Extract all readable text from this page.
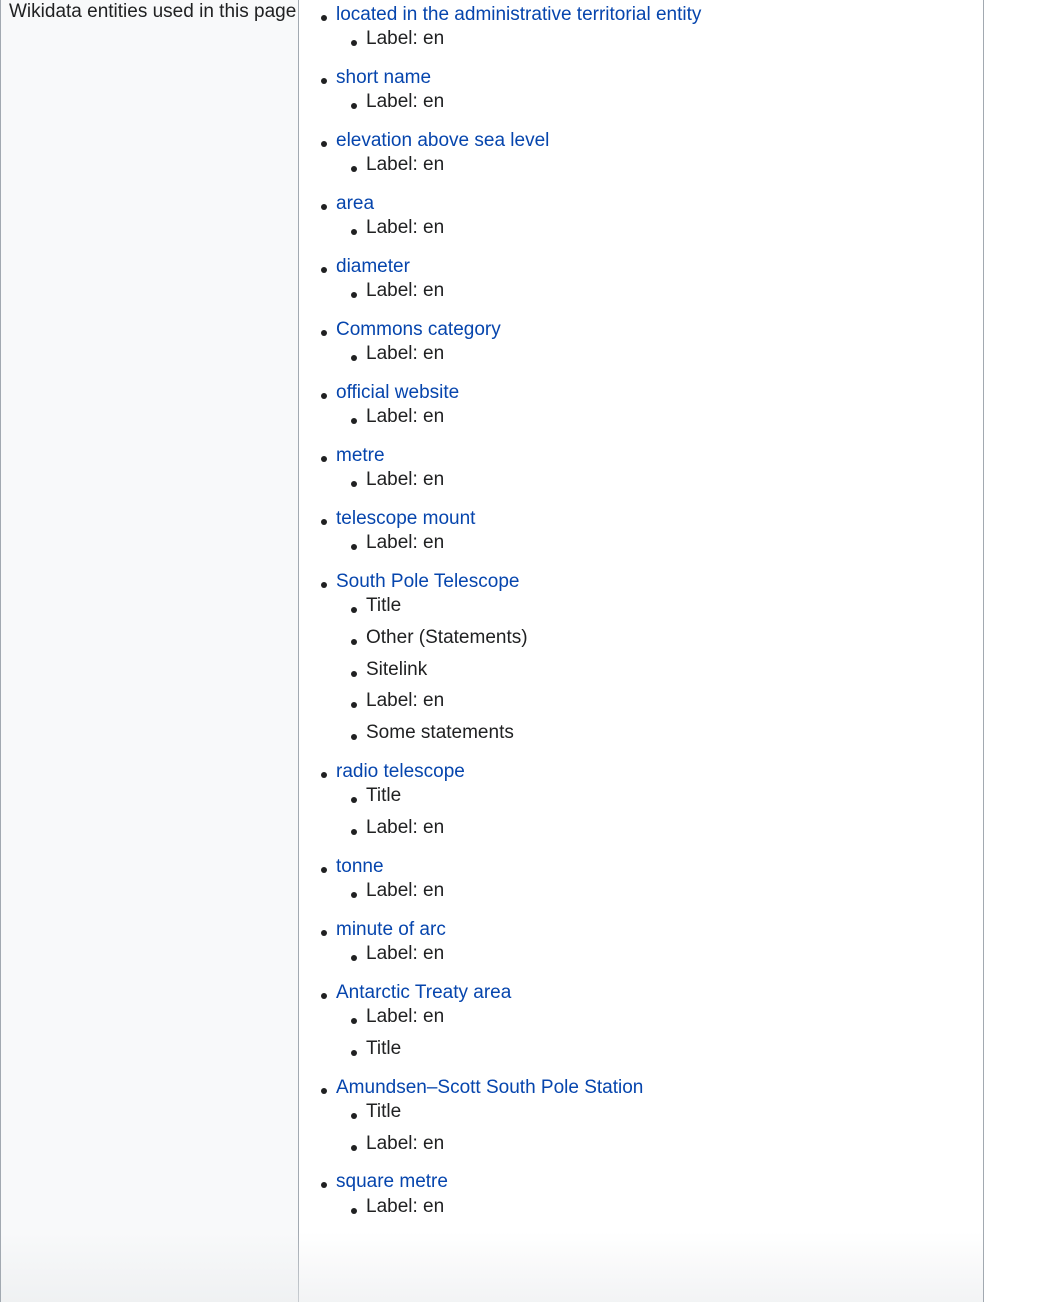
Wikidata entities used in this page located in the administrative territorial entity
Label: en
short name
Label: en
elevation above sea level
Label: en
area
Label: en
diameter
Label: en
Commons category
Label: en
official website
Label: en
metre
Label: en
telescope mount
Label: en
South Pole Telescope
Title
Other (Statements)
Sitelink
Label: en
Some statements
radio telescope
Title
Label: en
tonne
Label: en
minute of arc
Label: en
Antarctic Treaty area
Label: en
Title
Amundsen–Scott South Pole Station
Title
Label: en
square metre
Label: en
